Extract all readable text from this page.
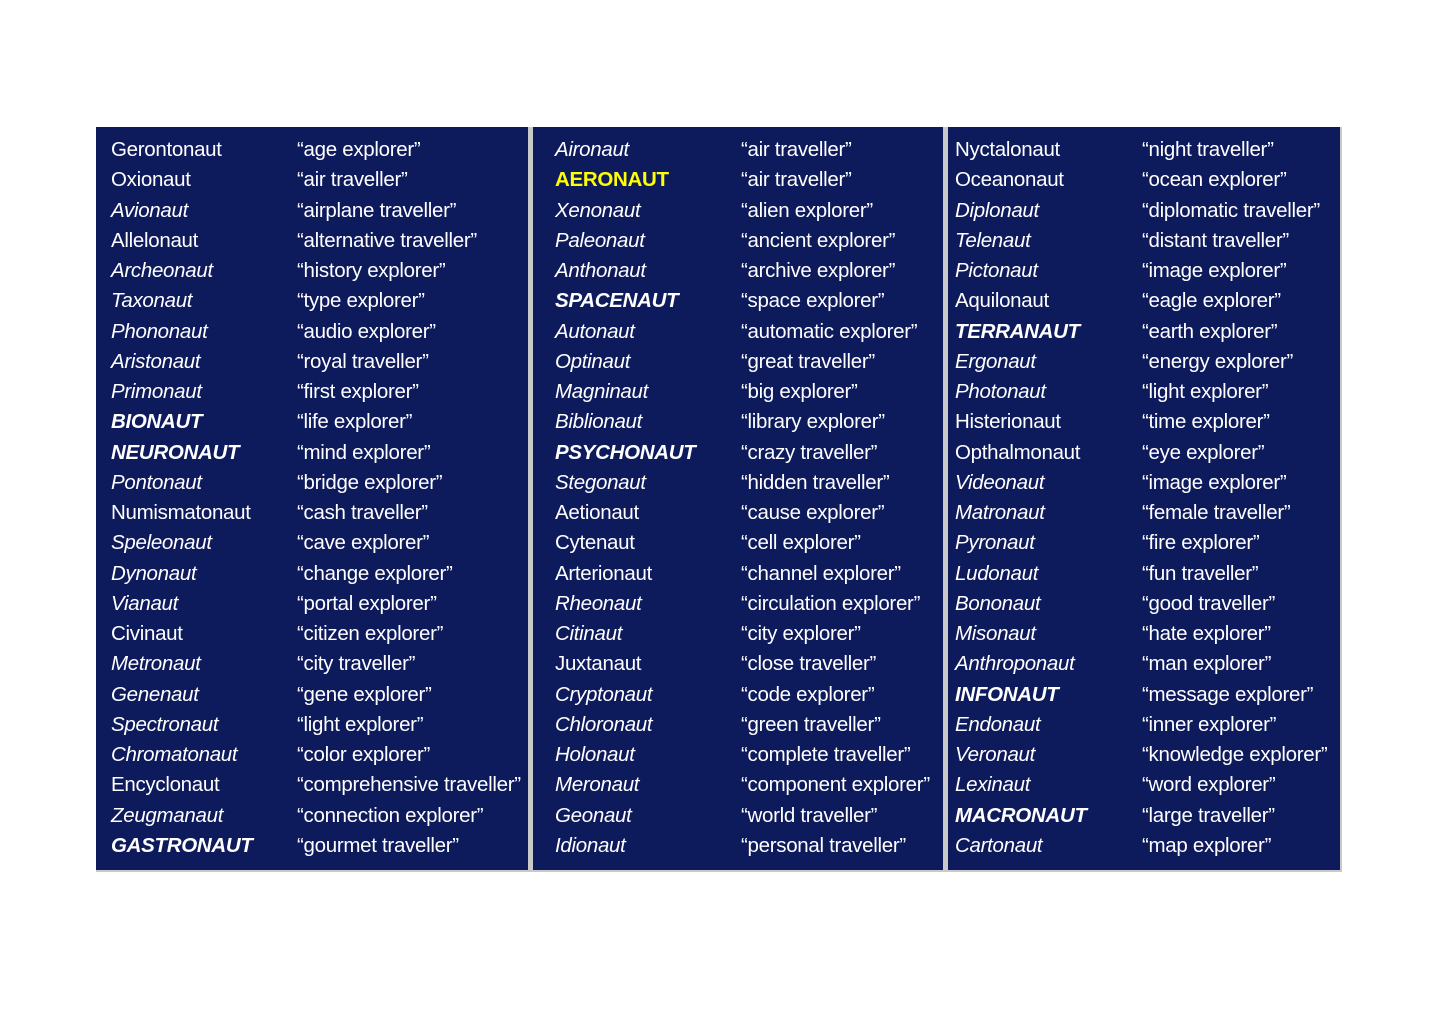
Gerontonaut	“age explorer”
Oxionaut	“air traveller”
Avionaut	“airplane traveller”
Allelonaut	“alternative traveller”
Archeonaut	“history explorer”
Taxonaut	“type explorer”
Phononaut	“audio explorer”
Aristonaut	“royal traveller”
Primonaut	“first explorer”
BIONAUT	“life explorer”
NEURONAUT	“mind explorer”
Pontonaut	“bridge explorer”
Numismatonaut “cash traveller”
Speleonaut	“cave explorer”
Dynonaut	“change explorer”
Vianaut	“portal explorer”
Civinaut	“citizen explorer”
Metronaut	“city traveller”
Genenaut	“gene explorer”
Spectronaut	“light explorer”
Chromatonaut	“color explorer”
Encyclonaut	“comprehensive traveller”
Zeugmanaut	“connection explorer”
GASTRONAUT “gourmet traveller”
Aironaut	“air traveller”
AERONAUT	“air traveller”
Xenonaut	“alien explorer”
Paleonaut	“ancient explorer”
Anthonaut	“archive explorer”
SPACENAUT	“space explorer”
Autonaut	“automatic explorer”
Optinaut	“great traveller”
Magninaut	“big explorer”
Biblionaut	“library explorer”
PSYCHONAUT “crazy traveller”
Stegonaut	“hidden traveller”
Aetionaut	“cause explorer”
Cytenaut	“cell explorer”
Arterionaut	“channel explorer”
Rheonaut	“circulation explorer”
Citinaut	“city explorer”
Juxtanaut	“close traveller”
Cryptonaut	“code explorer”
Chloronaut	“green traveller”
Holonaut	“complete traveller”
Meronaut	“component explorer”
Geonaut	“world traveller”
Idionaut	“personal traveller”
Nyctalonaut	“night traveller”
Oceanonaut	“ocean explorer”
Diplonaut	“diplomatic traveller”
Telenaut	“distant traveller”
Pictonaut	“image explorer”
Aquilonaut	“eagle explorer”
TERRANAUT	“earth explorer”
Ergonaut	“energy explorer”
Photonaut	“light explorer”
Histerionaut	“time explorer”
Opthalmonaut	“eye explorer”
Videonaut	“image explorer”
Matronaut	“female traveller”
Pyronaut	“fire explorer”
Ludonaut	“fun traveller”
Bononaut	“good traveller”
Misonaut	“hate explorer”
Anthroponaut	“man explorer”
INFONAUT	“message explorer”
Endonaut	“inner explorer”
Veronaut	“knowledge explorer”
Lexinaut	“word explorer”
MACRONAUT	“large traveller”
Cartonaut	“map explorer”
